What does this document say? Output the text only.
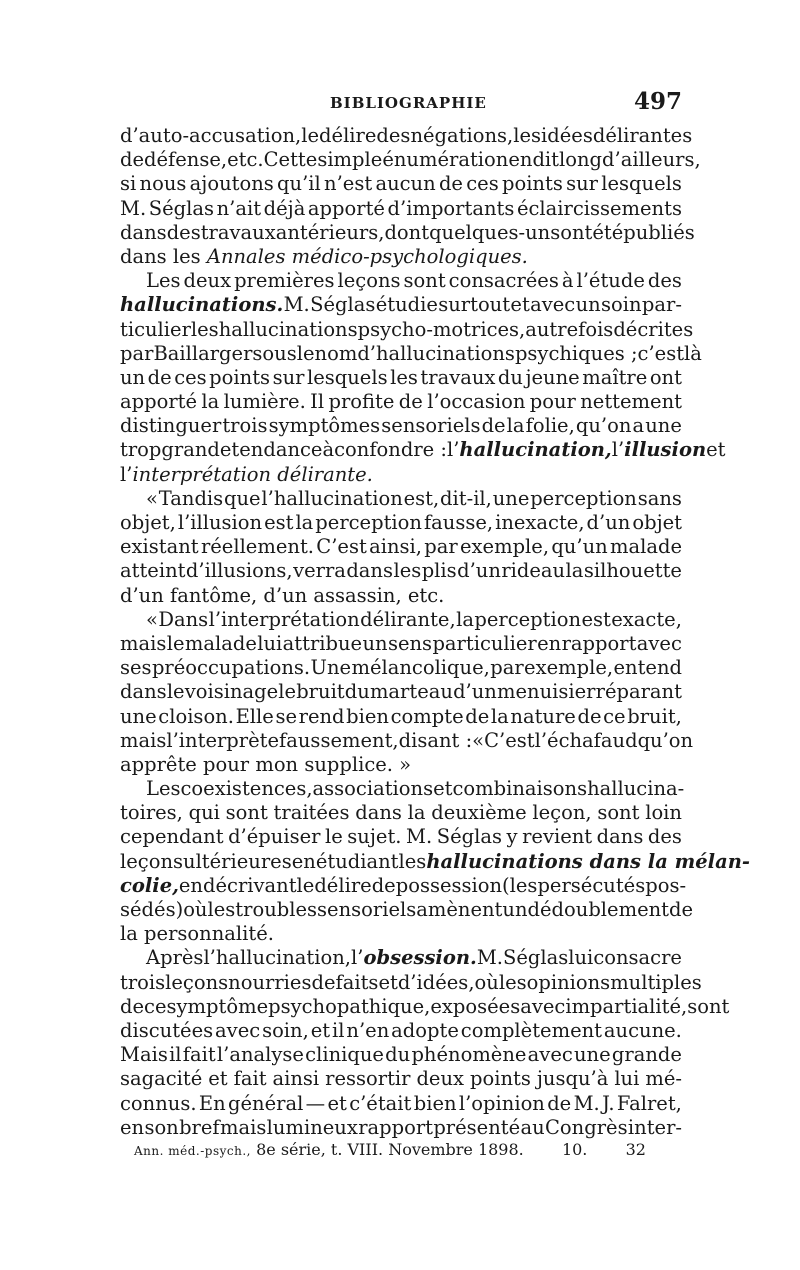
BIBLIOGRAPHIE	497
d’auto-accusation, le délire des négations, les idées délirantes
de défense, etc. Cette simple énumération en dit long d’ailleurs,
si nous ajoutons qu’il n’est aucun de ces points sur lesquels
M. Séglas n’ait déjà apporté d’importants éclaircissements
dans des travaux antérieurs, dont quelques-uns ont été publiés
dans les Annales médico-psychologiques.
Les deux premières leçons sont consacrées à l’étude des
hallucinations. M. Séglas étudie surtout et avec un soin par-
ticulier les hallucinations psycho-motrices, autrefois décrites
par Baillarger sous le nom d’hallucinations psychiques ; c’est là
un de ces points sur lesquels les travaux du jeune maître ont
apporté la lumière. Il profite de l’occasion pour nettement
distinguer trois symptômes sensoriels de la folie, qu’on a une
trop grande tendance à confondre : l’hallucination, l’illusion et
l’interprétation délirante.
« Tandis que l’hallucination est, dit-il, une perception sans
objet, l’illusion est la perception fausse, inexacte, d’un objet
existant réellement. C’est ainsi, par exemple, qu’un malade
atteint d’illusions, verra dans les plis d’un rideau la silhouette
d’un fantôme, d’un assassin, etc.
« Dans l’interprétation délirante, la perception est exacte,
mais le malade lui attribue un sens particulier en rapport avec
ses préoccupations. Une mélancolique, par exemple, entend
dans le voisinage le bruit du marteau d’un menuisier réparant
une cloison. Elle se rend bien compte de la nature de ce bruit,
mais l’interprète faussement, disant : « C’est l’échafaud qu’on
apprête pour mon supplice. »
Les coexistences, associations et combinaisons hallucina-
toires, qui sont traitées dans la deuxième leçon, sont loin
cependant d’épuiser le sujet. M. Séglas y revient dans des
leçons ultérieures en étudiant les hallucinations dans la mélan-
colie, en décrivant le délire de possession (les persécutés pos-
sédés) où les troubles sensoriels amènent un dédoublement de
la personnalité.
Après l’hallucination, l’ obsession. M. Séglas lui consacre
trois leçons nourries de faits et d’idées, où les opinions multiples
de ce symptôme psychopathique, exposées avec impartialité, sont
discutées avec soin, et il n’en adopte complètement aucune.
Mais il fait l’analyse clinique du phénomène avec une grande
sagacité et fait ainsi ressortir deux points jusqu’à lui mé-
connus. En général — et c’était bien l’opinion de M. J. Falret,
en son bref mais lumineux rapport présenté au Congrès inter-
Ann. méd.-psych., 8e série, t. VIII. Novembre 1898. 10. 32
